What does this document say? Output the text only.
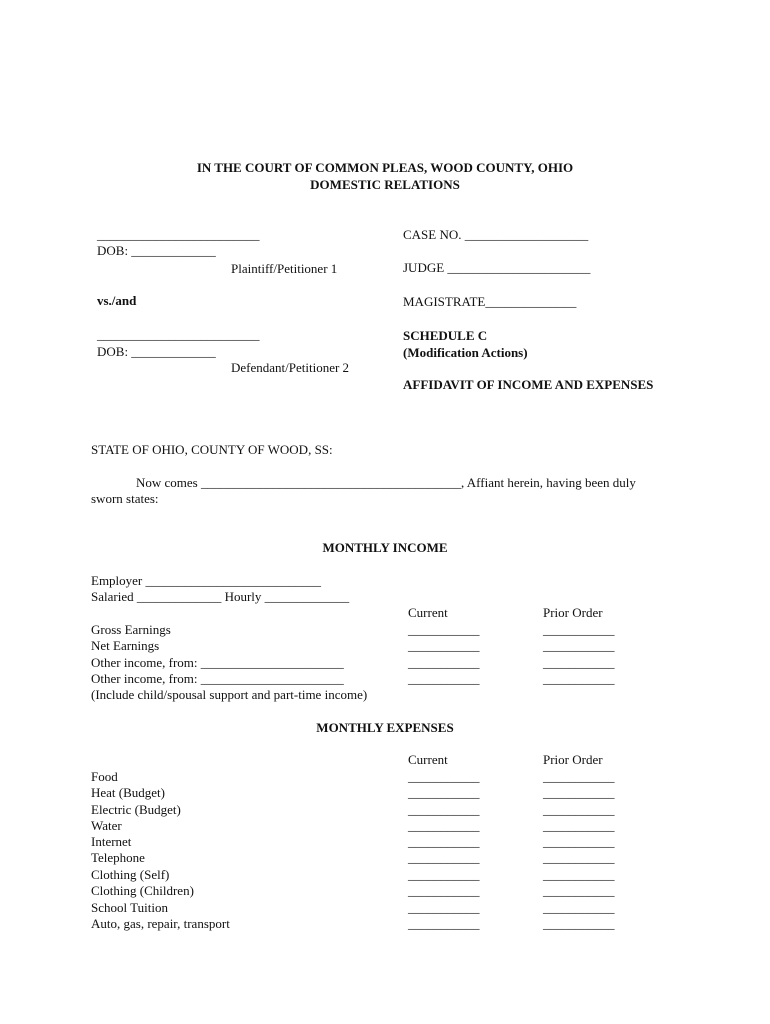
IN THE COURT OF COMMON PLEAS, WOOD COUNTY, OHIO
DOMESTIC RELATIONS
_________________________
DOB: _____________
Plaintiff/Petitioner 1
vs./and
_________________________
DOB: _____________
Defendant/Petitioner 2
CASE NO. ___________________
JUDGE ______________________
MAGISTRATE______________
SCHEDULE C
(Modification Actions)
AFFIDAVIT OF INCOME AND EXPENSES
STATE OF OHIO, COUNTY OF WOOD, SS:
Now comes ________________________________________, Affiant herein, having been duly
sworn states:
MONTHLY INCOME
Employer ___________________________
Salaried _____________ Hourly _____________
Current	Prior Order
Gross Earnings	___________	___________
Net Earnings	___________	___________
Other income, from: ______________________	___________	___________
Other income, from: ______________________	___________	___________
(Include child/spousal support and part-time income)
MONTHLY EXPENSES
Current	Prior Order
Food	___________	___________
Heat (Budget)	___________	___________
Electric (Budget)	___________	___________
Water	___________	___________
Internet	___________	___________
Telephone	___________	___________
Clothing (Self)	___________	___________
Clothing (Children)	___________	___________
School Tuition	___________	___________
Auto, gas, repair, transport	___________	___________
